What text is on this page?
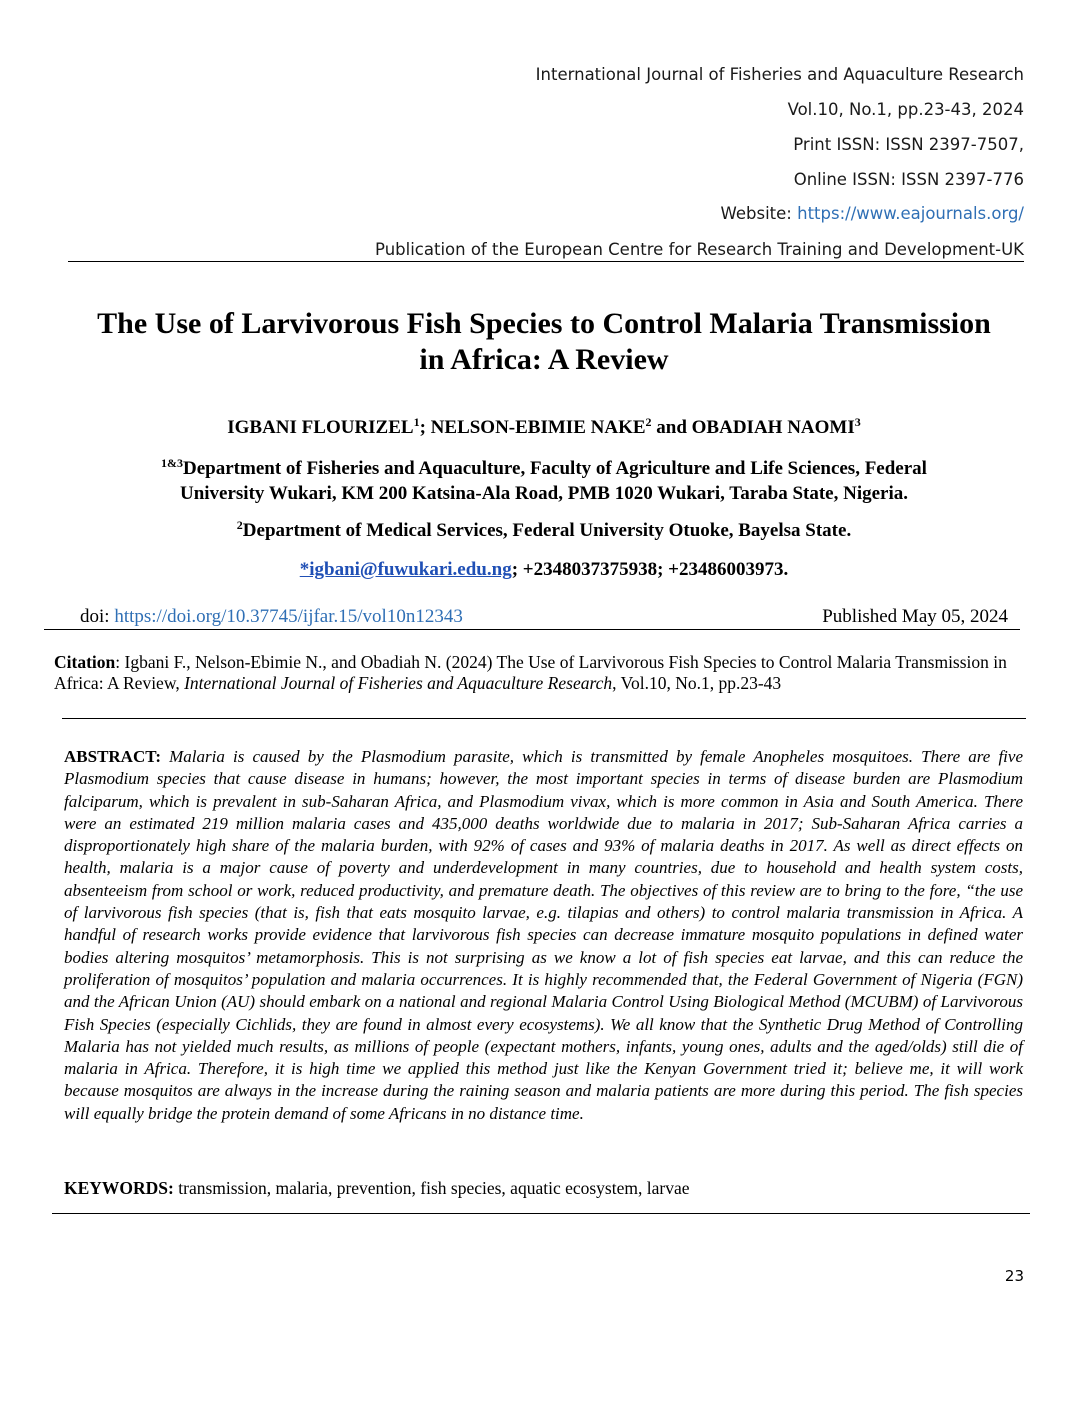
International Journal of Fisheries and Aquaculture Research
Vol.10, No.1, pp.23-43, 2024
Print ISSN: ISSN 2397-7507,
Online ISSN: ISSN 2397-776
Website: https://www.eajournals.org/
Publication of the European Centre for Research Training and Development-UK
The Use of Larvivorous Fish Species to Control Malaria Transmission
in Africa: A Review
IGBANI FLOURIZEL$^1$; NELSON-EBIMIE NAKE$^2$ and OBADIAH NAOMI$^3$
$^{1\&3}$Department of Fisheries and Aquaculture, Faculty of Agriculture and Life Sciences, Federal
University Wukari, KM 200 Katsina-Ala Road, PMB 1020 Wukari, Taraba State, Nigeria.
$^2$Department of Medical Services, Federal University Otuoke, Bayelsa State.
*igbani@fuwukari.edu.ng; +2348037375938; +23486003973.
doi: https://doi.org/10.37745/ijfar.15/vol10n12343	Published May 05, 2024
Citation: Igbani F., Nelson-Ebimie N., and Obadiah N. (2024) The Use of Larvivorous Fish Species to Control Malaria Transmission in Africa: A Review, International Journal of Fisheries and Aquaculture Research, Vol.10, No.1, pp.23-43
ABSTRACT: Malaria is caused by the Plasmodium parasite, which is transmitted by female Anopheles mosquitoes. There are five Plasmodium species that cause disease in humans; however, the most important species in terms of disease burden are Plasmodium falciparum, which is prevalent in sub-Saharan Africa, and Plasmodium vivax, which is more common in Asia and South America. There were an estimated 219 million malaria cases and 435,000 deaths worldwide due to malaria in 2017; Sub-Saharan Africa carries a disproportionately high share of the malaria burden, with 92% of cases and 93% of malaria deaths in 2017. As well as direct effects on health, malaria is a major cause of poverty and underdevelopment in many countries, due to household and health system costs, absenteeism from school or work, reduced productivity, and premature death. The objectives of this review are to bring to the fore, “the use of larvivorous fish species (that is, fish that eats mosquito larvae, e.g. tilapias and others) to control malaria transmission in Africa. A handful of research works provide evidence that larvivorous fish species can decrease immature mosquito populations in defined water bodies altering mosquitos’ metamorphosis. This is not surprising as we know a lot of fish species eat larvae, and this can reduce the proliferation of mosquitos’ population and malaria occurrences. It is highly recommended that, the Federal Government of Nigeria (FGN) and the African Union (AU) should embark on a national and regional Malaria Control Using Biological Method (MCUBM) of Larvivorous Fish Species (especially Cichlids, they are found in almost every ecosystems). We all know that the Synthetic Drug Method of Controlling Malaria has not yielded much results, as millions of people (expectant mothers, infants, young ones, adults and the aged/olds) still die of malaria in Africa. Therefore, it is high time we applied this method just like the Kenyan Government tried it; believe me, it will work because mosquitos are always in the increase during the raining season and malaria patients are more during this period. The fish species will equally bridge the protein demand of some Africans in no distance time.
KEYWORDS: transmission, malaria, prevention, fish species, aquatic ecosystem, larvae
23
